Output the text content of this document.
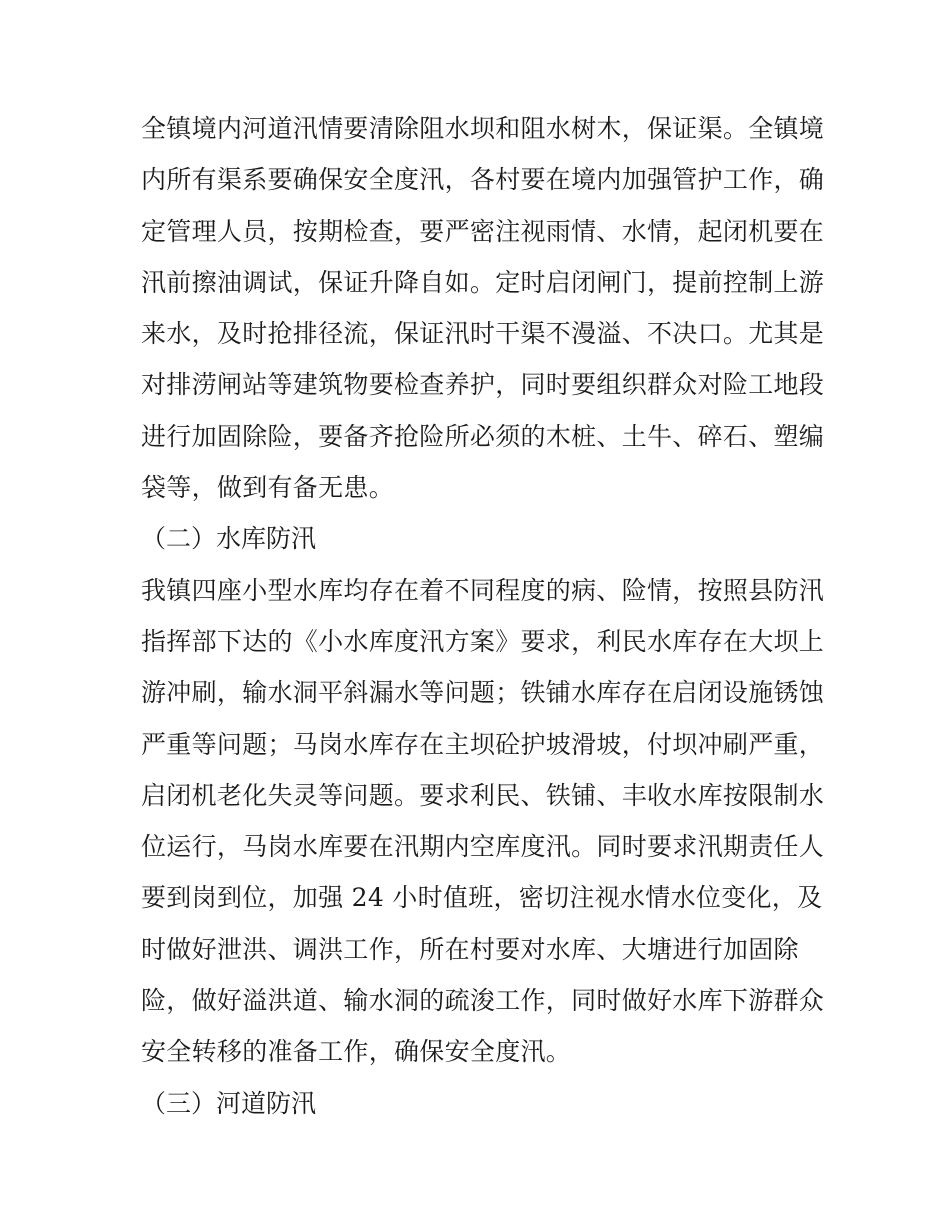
全镇境内河道汛情要清除阻水坝和阻水树木，保证渠。全镇境
内所有渠系要确保安全度汛，各村要在境内加强管护工作，确
定管理人员，按期检查，要严密注视雨情、水情，起闭机要在
汛前擦油调试，保证升降自如。定时启闭闸门，提前控制上游
来水，及时抢排径流，保证汛时干渠不漫溢、不决口。尤其是
对排涝闸站等建筑物要检查养护，同时要组织群众对险工地段
进行加固除险，要备齐抢险所必须的木桩、土牛、碎石、塑编
袋等，做到有备无患。
（二）水库防汛
我镇四座小型水库均存在着不同程度的病、险情，按照县防汛
指挥部下达的《小水库度汛方案》要求，利民水库存在大坝上
游冲刷，输水洞平斜漏水等问题；铁铺水库存在启闭设施锈蚀
严重等问题；马岗水库存在主坝砼护坡滑坡，付坝冲刷严重，
启闭机老化失灵等问题。要求利民、铁铺、丰收水库按限制水
位运行，马岗水库要在汛期内空库度汛。同时要求汛期责任人
要到岗到位，加强 24 小时值班，密切注视水情水位变化，及
时做好泄洪、调洪工作，所在村要对水库、大塘进行加固除
险，做好溢洪道、输水洞的疏浚工作，同时做好水库下游群众
安全转移的准备工作，确保安全度汛。
（三）河道防汛
